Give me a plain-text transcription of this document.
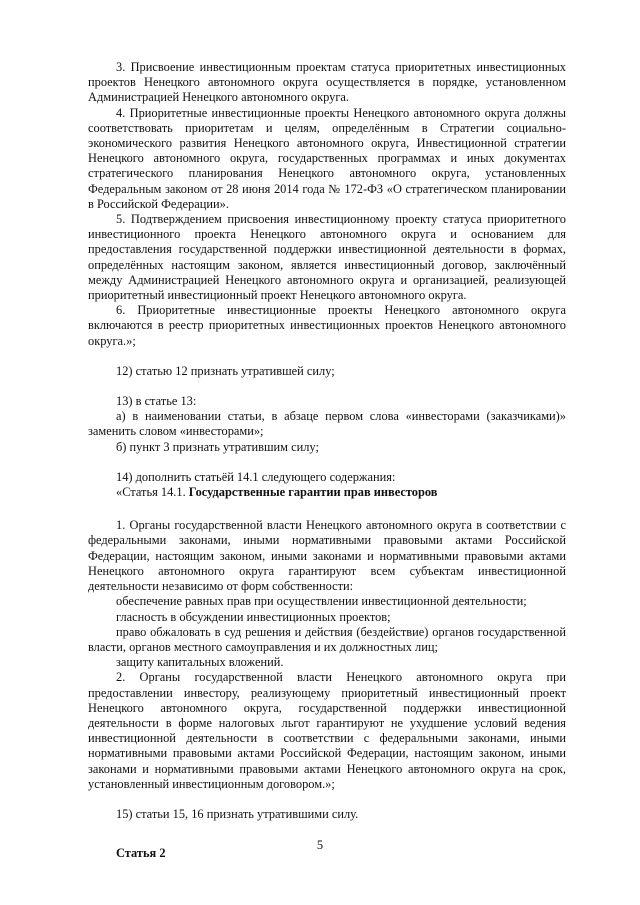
3. Присвоение инвестиционным проектам статуса приоритетных инвестиционных проектов Ненецкого автономного округа осуществляется в порядке, установленном Администрацией Ненецкого автономного округа.

4. Приоритетные инвестиционные проекты Ненецкого автономного округа должны соответствовать приоритетам и целям, определённым в Стратегии социально-экономического развития Ненецкого автономного округа, Инвестиционной стратегии Ненецкого автономного округа, государственных программах и иных документах стратегического планирования Ненецкого автономного округа, установленных Федеральным законом от 28 июня 2014 года № 172-ФЗ «О стратегическом планировании в Российской Федерации».

5. Подтверждением присвоения инвестиционному проекту статуса приоритетного инвестиционного проекта Ненецкого автономного округа и основанием для предоставления государственной поддержки инвестиционной деятельности в формах, определённых настоящим законом, является инвестиционный договор, заключённый между Администрацией Ненецкого автономного округа и организацией, реализующей приоритетный инвестиционный проект Ненецкого автономного округа.

6. Приоритетные инвестиционные проекты Ненецкого автономного округа включаются в реестр приоритетных инвестиционных проектов Ненецкого автономного округа.»;

12) статью 12 признать утратившей силу;

13) в статье 13:

а) в наименовании статьи, в абзаце первом слова «инвесторами (заказчиками)» заменить словом «инвесторами»;

б) пункт 3 признать утратившим силу;

14) дополнить статьёй 14.1 следующего содержания:

«Статья 14.1. Государственные гарантии прав инвесторов

1. Органы государственной власти Ненецкого автономного округа в соответствии с федеральными законами, иными нормативными правовыми актами Российской Федерации, настоящим законом, иными законами и нормативными правовыми актами Ненецкого автономного округа гарантируют всем субъектам инвестиционной деятельности независимо от форм собственности:

обеспечение равных прав при осуществлении инвестиционной деятельности;

гласность в обсуждении инвестиционных проектов;

право обжаловать в суд решения и действия (бездействие) органов государственной власти, органов местного самоуправления и их должностных лиц;

защиту капитальных вложений.

2. Органы государственной власти Ненецкого автономного округа при предоставлении инвестору, реализующему приоритетный инвестиционный проект Ненецкого автономного округа, государственной поддержки инвестиционной деятельности в форме налоговых льгот гарантируют не ухудшение условий ведения инвестиционной деятельности в соответствии с федеральными законами, иными нормативными правовыми актами Российской Федерации, настоящим законом, иными законами и нормативными правовыми актами Ненецкого автономного округа на срок, установленный инвестиционным договором.»;

15) статьи 15, 16 признать утратившими силу.

Статья 2

5
